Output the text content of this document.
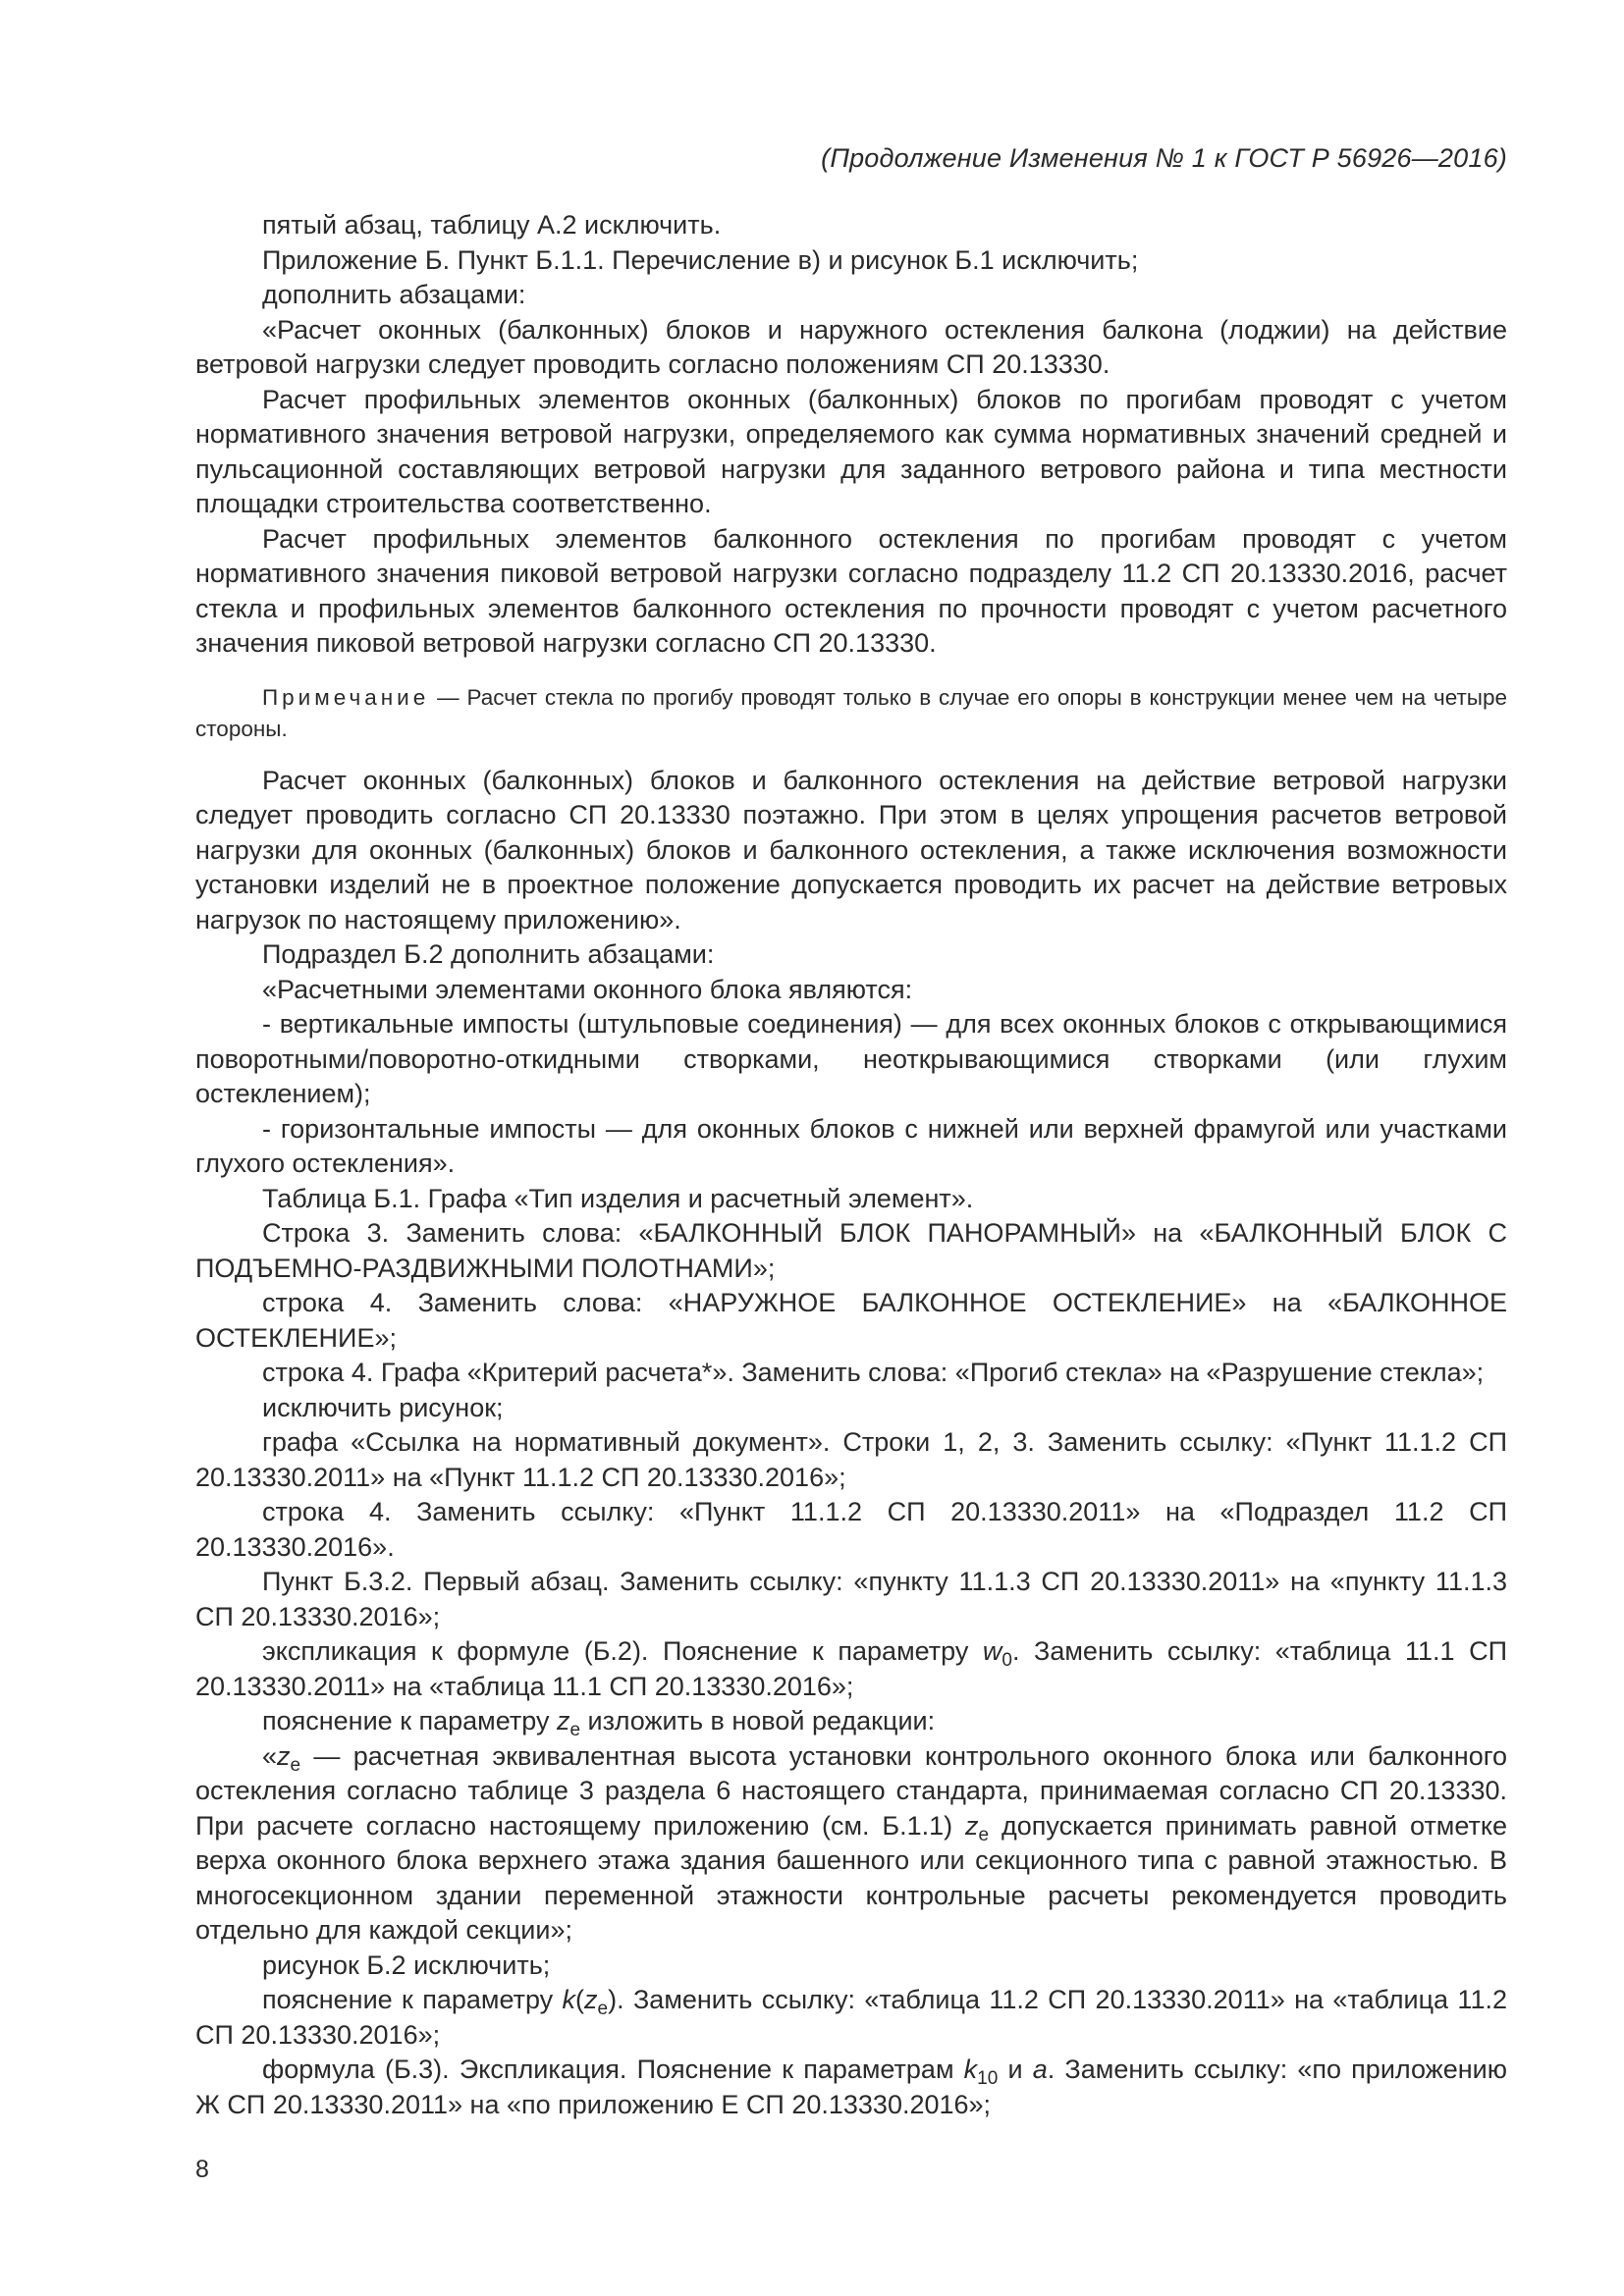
(Продолжение Изменения № 1 к ГОСТ Р 56926—2016)

пятый абзац, таблицу А.2 исключить.

Приложение Б. Пункт Б.1.1. Перечисление в) и рисунок Б.1 исключить;

дополнить абзацами:

«Расчет оконных (балконных) блоков и наружного остекления балкона (лоджии) на действие ветровой нагрузки следует проводить согласно положениям СП 20.13330.

Расчет профильных элементов оконных (балконных) блоков по прогибам проводят с учетом нормативного значения ветровой нагрузки, определяемого как сумма нормативных значений средней и пульсационной составляющих ветровой нагрузки для заданного ветрового района и типа местности площадки строительства соответственно.

Расчет профильных элементов балконного остекления по прогибам проводят с учетом нормативного значения пиковой ветровой нагрузки согласно подразделу 11.2 СП 20.13330.2016, расчет стекла и профильных элементов балконного остекления по прочности проводят с учетом расчетного значения пиковой ветровой нагрузки согласно СП 20.13330.

Примечание — Расчет стекла по прогибу проводят только в случае его опоры в конструкции менее чем на четыре стороны.

Расчет оконных (балконных) блоков и балконного остекления на действие ветровой нагрузки следует проводить согласно СП 20.13330 поэтажно. При этом в целях упрощения расчетов ветровой нагрузки для оконных (балконных) блоков и балконного остекления, а также исключения возможности установки изделий не в проектное положение допускается проводить их расчет на действие ветровых нагрузок по настоящему приложению».

Подраздел Б.2 дополнить абзацами:

«Расчетными элементами оконного блока являются:

- вертикальные импосты (штульповые соединения) — для всех оконных блоков с открывающимися поворотными/поворотно-откидными створками, неоткрывающимися створками (или глухим остеклением);

- горизонтальные импосты — для оконных блоков с нижней или верхней фрамугой или участками глухого остекления».

Таблица Б.1. Графа «Тип изделия и расчетный элемент».

Строка 3. Заменить слова: «БАЛКОННЫЙ БЛОК ПАНОРАМНЫЙ» на «БАЛКОННЫЙ БЛОК С ПОДЪЕМНО-РАЗДВИЖНЫМИ ПОЛОТНАМИ»;

строка 4. Заменить слова: «НАРУЖНОЕ БАЛКОННОЕ ОСТЕКЛЕНИЕ» на «БАЛКОННОЕ ОСТЕКЛЕНИЕ»;

строка 4. Графа «Критерий расчета*». Заменить слова: «Прогиб стекла» на «Разрушение стекла»;

исключить рисунок;

графа «Ссылка на нормативный документ». Строки 1, 2, 3. Заменить ссылку: «Пункт 11.1.2 СП 20.13330.2011» на «Пункт 11.1.2 СП 20.13330.2016»;

строка 4. Заменить ссылку: «Пункт 11.1.2 СП 20.13330.2011» на «Подраздел 11.2 СП 20.13330.2016».

Пункт Б.3.2. Первый абзац. Заменить ссылку: «пункту 11.1.3 СП 20.13330.2011» на «пункту 11.1.3 СП 20.13330.2016»;

экспликация к формуле (Б.2). Пояснение к параметру $w_0$. Заменить ссылку: «таблица 11.1 СП 20.13330.2011» на «таблица 11.1 СП 20.13330.2016»;

пояснение к параметру $z_e$ изложить в новой редакции:

«$z_e$ — расчетная эквивалентная высота установки контрольного оконного блока или балконного остекления согласно таблице 3 раздела 6 настоящего стандарта, принимаемая согласно СП 20.13330. При расчете согласно настоящему приложению (см. Б.1.1) $z_e$ допускается принимать равной отметке верха оконного блока верхнего этажа здания башенного или секционного типа с равной этажностью. В многосекционном здании переменной этажности контрольные расчеты рекомендуется проводить отдельно для каждой секции»;

рисунок Б.2 исключить;

пояснение к параметру $k(z_e)$. Заменить ссылку: «таблица 11.2 СП 20.13330.2011» на «таблица 11.2 СП 20.13330.2016»;

формула (Б.3). Экспликация. Пояснение к параметрам $k_{10}$ и a. Заменить ссылку: «по приложению Ж СП 20.13330.2011» на «по приложению Е СП 20.13330.2016»;

8
